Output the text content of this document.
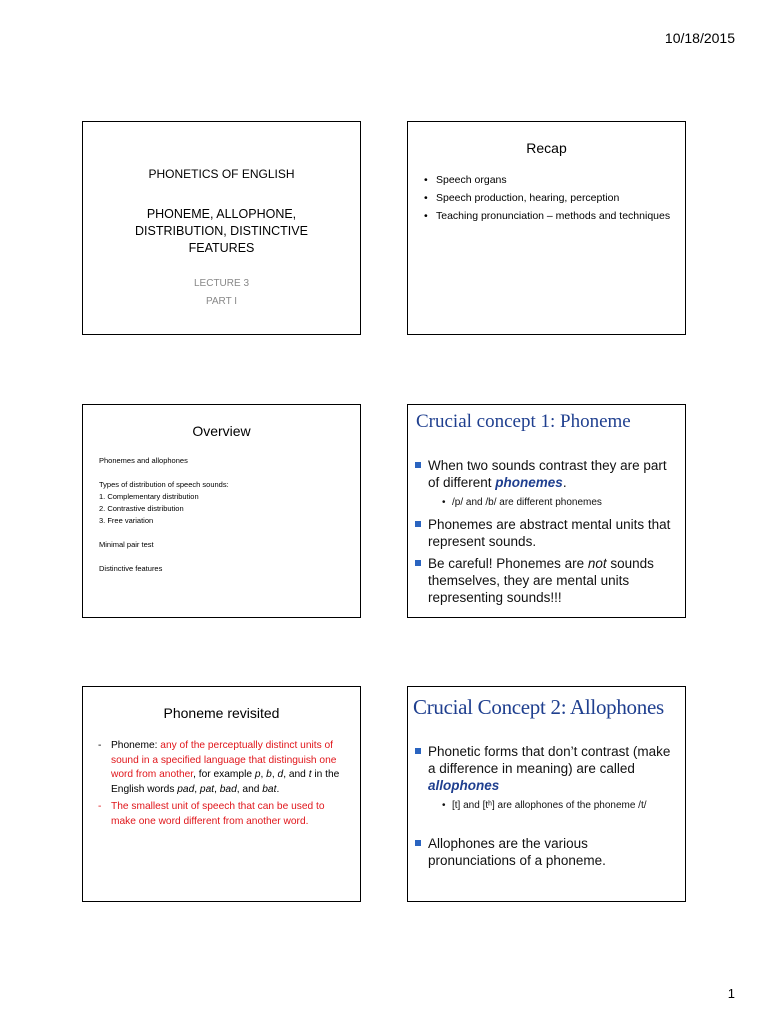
10/18/2015
PHONETICS OF ENGLISH
PHONEME, ALLOPHONE,
DISTRIBUTION, DISTINCTIVE
FEATURES
LECTURE 3
PART I
Recap
• Speech organs
• Speech production, hearing, perception
• Teaching pronunciation – methods and techniques
Overview
Phonemes and allophones
Types of distribution of speech sounds:
1. Complementary distribution
2. Contrastive distribution
3. Free variation
Minimal pair test
Distinctive features
Crucial concept 1: Phoneme
When two sounds contrast they are part of different phonemes.
• /p/ and /b/ are different phonemes
Phonemes are abstract mental units that represent sounds.
Be careful! Phonemes are not sounds themselves, they are mental units representing sounds!!!
Phoneme revisited
- Phoneme: any of the perceptually distinct units of sound in a specified language that distinguish one word from another, for example p, b, d, and t in the English words pad, pat, bad, and bat.
- The smallest unit of speech that can be used to make one word different from another word.
Crucial Concept 2: Allophones
Phonetic forms that don’t contrast (make a difference in meaning) are called allophones
• [t] and [tʰ] are allophones of the phoneme /t/
Allophones are the various pronunciations of a phoneme.
1
